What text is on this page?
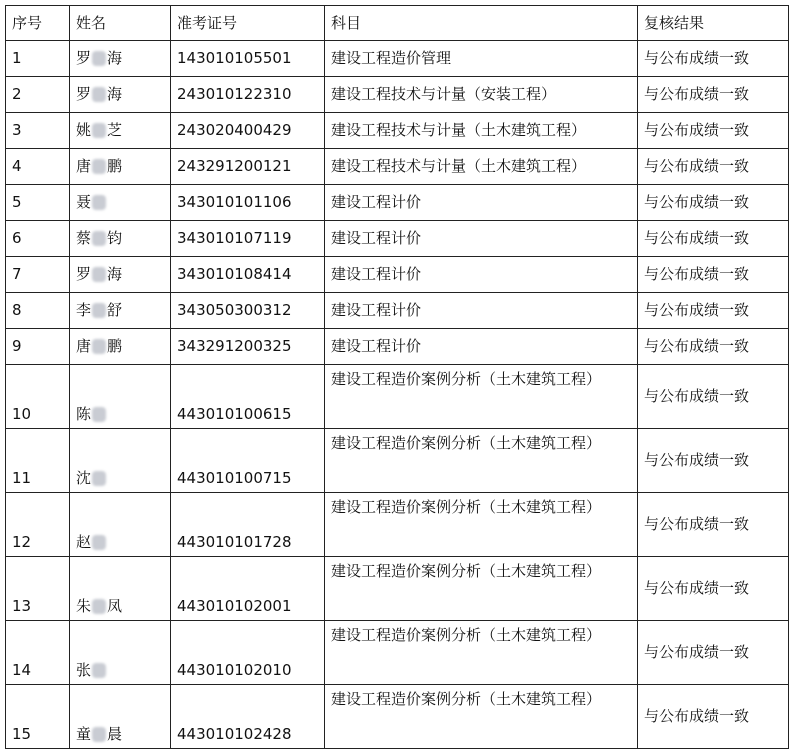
序号	姓名	准考证号	科目	复核结果
1	罗 海	143010105501	建设工程造价管理	与公布成绩一致
2	罗 海	243010122310	建设工程技术与计量（安装工程）	与公布成绩一致
3	姚 芝	243020400429	建设工程技术与计量（土木建筑工程）	与公布成绩一致
4	唐 鹏	243291200121	建设工程技术与计量（土木建筑工程）	与公布成绩一致
5	聂	343010101106	建设工程计价	与公布成绩一致
6	蔡 钧	343010107119	建设工程计价	与公布成绩一致
7	罗 海	343010108414	建设工程计价	与公布成绩一致
8	李 舒	343050300312	建设工程计价	与公布成绩一致
9	唐 鹏	343291200325	建设工程计价	与公布成绩一致
10	陈	443010100615	建设工程造价案例分析（土木建筑工程）	与公布成绩一致
11	沈	443010100715	建设工程造价案例分析（土木建筑工程）	与公布成绩一致
12	赵	443010101728	建设工程造价案例分析（土木建筑工程）	与公布成绩一致
13	朱 凤	443010102001	建设工程造价案例分析（土木建筑工程）	与公布成绩一致
14	张	443010102010	建设工程造价案例分析（土木建筑工程）	与公布成绩一致
15	童 晨	443010102428	建设工程造价案例分析（土木建筑工程）	与公布成绩一致
